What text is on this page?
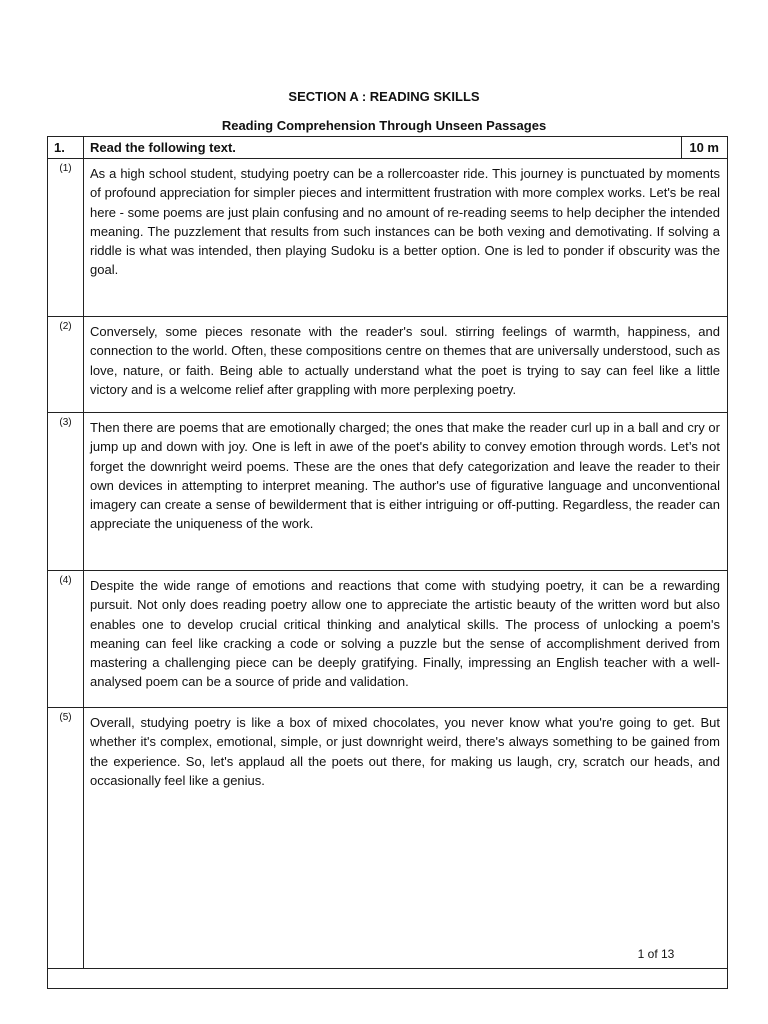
SECTION A : READING SKILLS
Reading Comprehension Through Unseen Passages
1.	Read the following text.	10 m
(1)	As a high school student, studying poetry can be a rollercoaster ride. This journey is punctuated by moments of profound appreciation for simpler pieces and intermittent frustration with more complex works. Let's be real here - some poems are just plain confusing and no amount of re-reading seems to help decipher the intended meaning. The puzzlement that results from such instances can be both vexing and demotivating. If solving a riddle is what was intended, then playing Sudoku is a better option. One is led to ponder if obscurity was the goal.	

(2)	Conversely, some pieces resonate with the reader's soul. stirring feelings of warmth, happiness, and connection to the world. Often, these compositions centre on themes that are universally understood, such as love, nature, or faith. Being able to actually understand what the poet is trying to say can feel like a little victory and is a welcome relief after grappling with more perplexing poetry.	

(3)	Then there are poems that are emotionally charged; the ones that make the reader curl up in a ball and cry or jump up and down with joy. One is left in awe of the poet's ability to convey emotion through words. Let’s not forget the downright weird poems. These are the ones that defy categorization and leave the reader to their own devices in attempting to interpret meaning. The author's use of figurative language and unconventional imagery can create a sense of bewilderment that is either intriguing or off-putting. Regardless, the reader can appreciate the uniqueness of the work.	

(4)	Despite the wide range of emotions and reactions that come with studying poetry, it can be a rewarding pursuit. Not only does reading poetry allow one to appreciate the artistic beauty of the written word but also enables one to develop crucial critical thinking and analytical skills. The process of unlocking a poem's meaning can feel like cracking a code or solving a puzzle but the sense of accomplishment derived from mastering a challenging piece can be deeply gratifying. Finally, impressing an English teacher with a well-analysed poem can be a source of pride and validation.	

(5)	Overall, studying poetry is like a box of mixed chocolates, you never know what you're going to get. But whether it's complex, emotional, simple, or just downright weird, there's always something to be gained from the experience. So, let's applaud all the poets out there, for making us laugh, cry, scratch our heads, and occasionally feel like a genius.	

1 of 13
